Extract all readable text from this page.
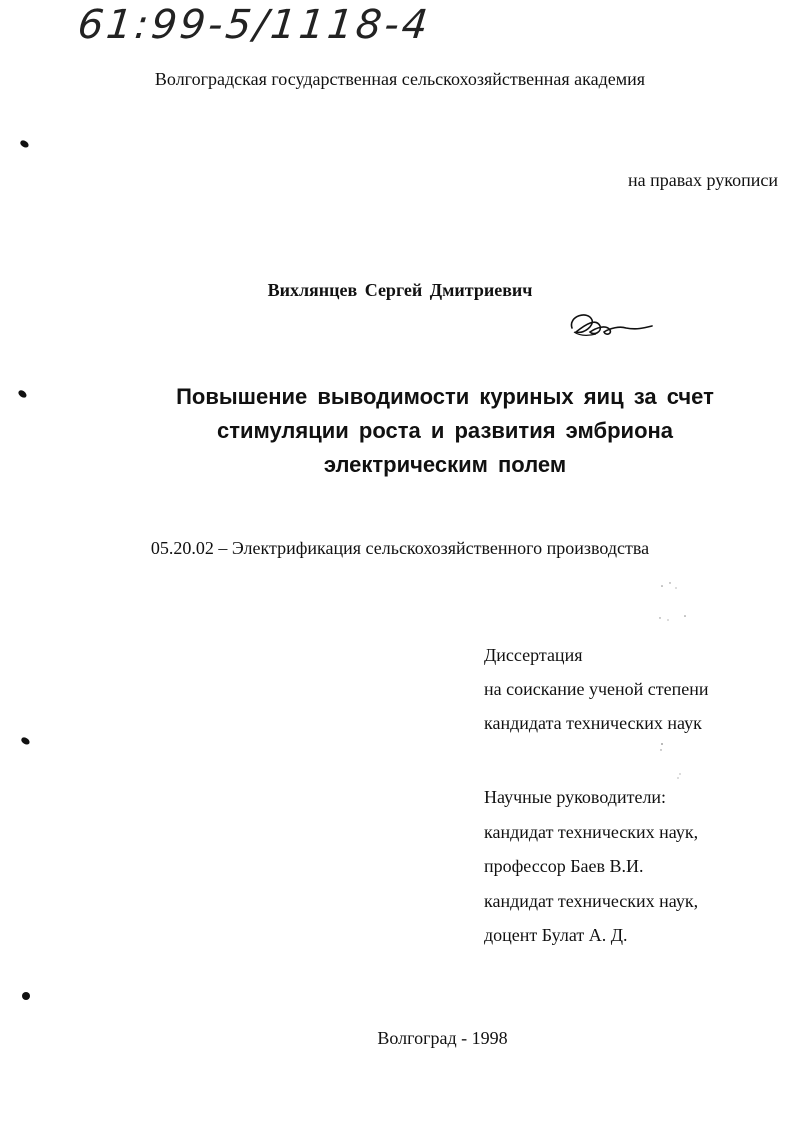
61:99-5/1118-4
Волгоградская государственная сельскохозяйственная академия
на правах рукописи
Вихлянцев Сергей Дмитриевич
Повышение выводимости куриных яиц за счет
стимуляции роста и развития эмбриона
электрическим полем
05.20.02 – Электрификация сельскохозяйственного производства
Диссертация
на соискание ученой степени
кандидата технических наук
Научные руководители:
кандидат технических наук,
профессор Баев В.И.
кандидат технических наук,
доцент Булат А. Д.
Волгоград - 1998
